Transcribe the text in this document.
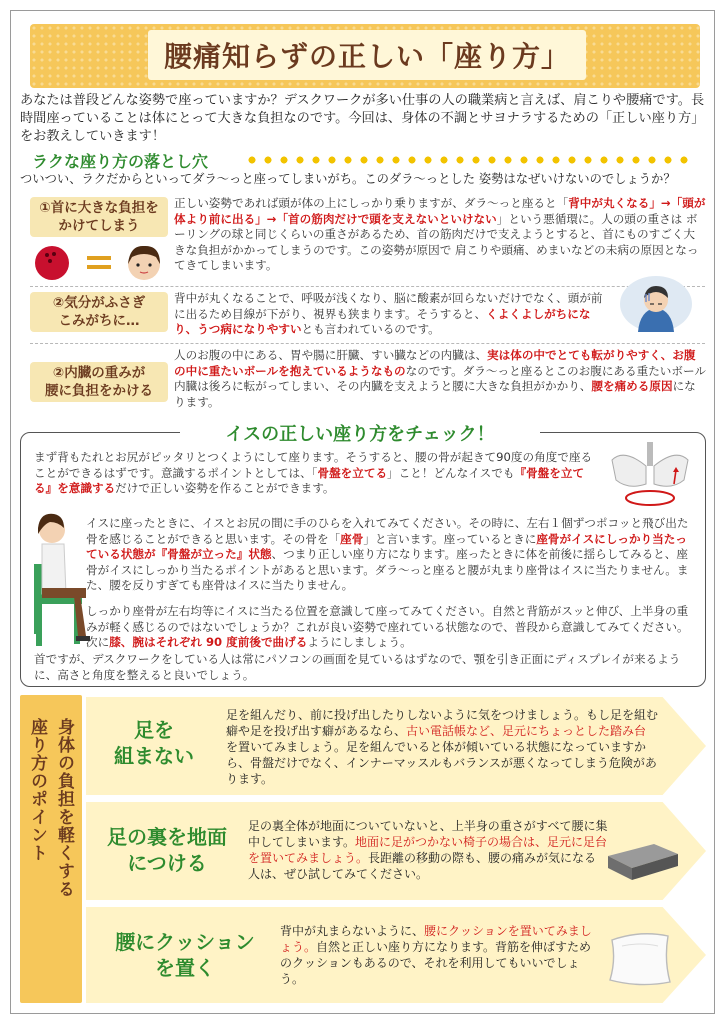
腰痛知らずの正しい「座り方」
あなたは普段どんな姿勢で座っていますか？デスクワークが多い仕事の人の職業病と言えば、肩こりや腰痛です。長時間座っていることは体にとって大きな負担なのです。今回は、身体の不調とサヨナラするための「正しい座り方」をお教えしていきます！
ラクな座り方の落とし穴
ついつい、ラクだからといってダラ〜っと座ってしまいがち。このダラ〜っとした 姿勢はなぜいけないのでしょうか？
①首に大きな負担を
かけてしまう
正しい姿勢であれば頭が体の上にしっかり乗りますが、ダラ〜っと座ると「背中が丸くなる」→「頭が体より前に出る」→「首の筋肉だけで頭を支えないといけない」という悪循環に。人の頭の重さは ボーリングの球と同じくらいの重さがあるため、首の筋肉だけで支えようとすると、首にものすごく大きな負担がかかってしまうのです。この姿勢が原因で 肩こりや頭痛、めまいなどの未病の原因となってきてしまいます。
②気分がふさぎ
こみがちに…
背中が丸くなることで、呼吸が浅くなり、脳に酸素が回らないだけでなく、頭が前に出るため目線が下がり、視界も狭まります。そうすると、くよくよしがちになり、うつ病になりやすいとも言われているのです。
②内臓の重みが
腰に負担をかける
人のお腹の中にある、胃や腸に肝臓、すい臓などの内臓は、実は体の中でとても転がりやすく、お腹の中に重たいボールを抱えているようなものなのです。ダラ〜っと座るとこのお腹にある重たいボール内臓は後ろに転がってしまい、その内臓を支えようと腰に大きな負担がかかり、腰を痛める原因になります。
イスの正しい座り方をチェック！
まず背もたれとお尻がピッタリとつくようにして座ります。そうすると、腰の骨が起きて90度の角度で座ることができるはずです。意識するポイントとしては、「骨盤を立てる」こと！どんなイスでも『骨盤を立てる』を意識するだけで正しい姿勢を作ることができます。
イスに座ったときに、イスとお尻の間に手のひらを入れてみてください。その時に、左右１個ずつポコッと飛び出た骨を感じることができると思います。その骨を「座骨」と言います。座っているときに座骨がイスにしっかり当たっている状態が『骨盤が立った』状態、つまり正しい座り方になります。座ったときに体を前後に揺らしてみると、座骨がイスにしっかり当たるポイントがあると思います。ダラ〜っと座ると腰が丸まり座骨はイスに当たりません。また、腰を反りすぎても座骨はイスに当たりません。
しっかり座骨が左右均等にイスに当たる位置を意識して座ってみてください。自然と背筋がスッと伸び、上半身の重みが軽く感じるのではないでしょうか？これが良い姿勢で座れている状態なので、普段から意識してみてください。次に膝、腕はそれぞれ 90 度前後で曲げるようにしましょう。
首ですが、デスクワークをしている人は常にパソコンの画面を見ているはずなので、顎を引き正面にディスプレイが来るように、高さと角度を整えると良いでしょう。
身体の負担を軽くする
座り方のポイント	足を
組まない
足を組んだり、前に投げ出したりしないように気をつけましょう。もし足を組む癖や足を投げ出す癖があるなら、古い電話帳など、足元にちょっとした踏み台を置いてみましょう。足を組んでいると体が傾いている状態になっていますから、骨盤だけでなく、インナーマッスルもバランスが悪くなってしまう危険があります。
足の裏を地面
につける
足の裏全体が地面についていないと、上半身の重さがすべて腰に集中してしまいます。地面に足がつかない椅子の場合は、足元に足台を置いてみましょう。長距離の移動の際も、腰の痛みが気になる人は、ぜひ試してみてください。
腰にクッション
を置く
背中が丸まらないように、腰にクッションを置いてみましょう。自然と正しい座り方になります。背筋を伸ばすためのクッションもあるので、それを利用してもいいでしょう。
